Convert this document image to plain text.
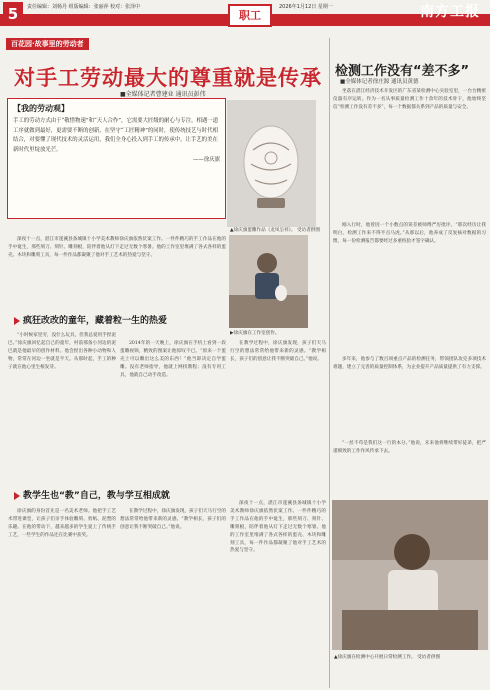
5	责任编辑：刘杨丹 组版编辑：张丽萍 校对：张泽中
职工
2026年1月12日 星期一	南方工报
百花园·故事里的劳动者
对手工劳动最大的尊重就是传承
■全媒体记者曹建业 通讯员彭伟
【我的劳动观】

手工的劳动方式由于“敬惜物速”和“天人合作”，它需要大匠级的耐心与专注，相遇一道工序就做到最好，更需要不断的创新，在坚守“工匠精神”的同时，使传统技艺与时代相结合，对要懂了现代技术的灵活运用，我们全身心投入到手工的传承中，让手艺的美在新时代里绽放光芒。

——徐庆旗

▲徐庆旗蛋雕作品《龙凤呈祥》。 受访者供图
▶徐庆旗在工作室创作。
深夜十一点，湛江市遂溪县条城镇十小学美术教师徐庆旗依然伏案工作。一件件精巧的手工作品在他的手中诞生，那些刻刀、刻针、雕刻板，陪伴着他从灯下走过无数个寒暑。他的工作室里堆满了各式各样的蛋壳、木块和雕刻工具，每一件作品都凝聚了他对手工艺术的热爱与坚守。
疯狂改改的童年，藏着粒一生的热爱
“小时候家里穷，没什么玩具，但我总爱用手捏泥巴。”徐庆旗回忆起自己的童年，村前那条小河边的泥巴就是他最早的创作材料。他会捏出各种小动物和人物，常常在河边一坐就是半天。从那时起，手工的种子就在他心里生根发芽。
2014年的一天晚上，徐庆旗在手机上看到一段蛋雕视频，精致的图案让他惊叹不已。“原来一个蛋壳上可以雕出这么美的东西！”他当即决定自学蛋雕。没有老师指导，他就上网找教程；没有专用工具，他就自己动手改造。
在教学过程中，徐庆旗发现，孩子们天马行空的想法常常给他带来新的灵感。“教学相长，孩子们的创意让我不断突破自己。”他说。
教学生也“教”自己，教与学互相成就
徐庆旗的身份首先是一名美术老师。他把手工艺术带进课堂，让孩子们亲手体验雕刻、剪纸、泥塑的乐趣。在他的带动下，越来越多的学生爱上了传统手工艺，一些学生的作品还在比赛中获奖。
在教学过程中，徐庆旗发现，孩子们天马行空的想法常常给他带来新的灵感。“教学相长，孩子们的创意让我不断突破自己。”他说。
深夜十一点，湛江市遂溪县条城镇十小学美术教师徐庆旗依然伏案工作。一件件精巧的手工作品在他的手中诞生，那些刻刀、刻针、雕刻板，陪伴着他从灯下走过无数个寒暑。他的工作室里堆满了各式各样的蛋壳、木块和雕刻工具，每一件作品都凝聚了他对手工艺术的热爱与坚守。
检测工作没有“差不多”
■全媒体记者徐庄源 通讯员黄德
坐落在湛江经济技术开发区的广东省某检测中心实验室里，一台台精密仪器有序运转。作为一名从事质量检测工作十余年的技术骨干，他始终坚信“检测工作没有差不多”，每一个数据都关系到产品的质量与安全。
刚入行时，他曾因一个小数点的误差被师傅严厉批评。“那次经历让我明白，检测工作来不得半点马虎。”从那以后，他养成了反复核对数据的习惯，每一份检测报告都要经过多重校验才签字确认。
多年来，他参与了数百项重点产品的检测任务，带领团队攻克多项技术难题，建立了完善的质量控制体系，为企业提升产品质量提供了有力支撑。
“一丝不苟是我们这一行的本分。”他说，未来他将继续带好徒弟，把严谨细致的工作作风传承下去。
▲徐庆旗在检测中心开展日常检测工作。 受访者供图
